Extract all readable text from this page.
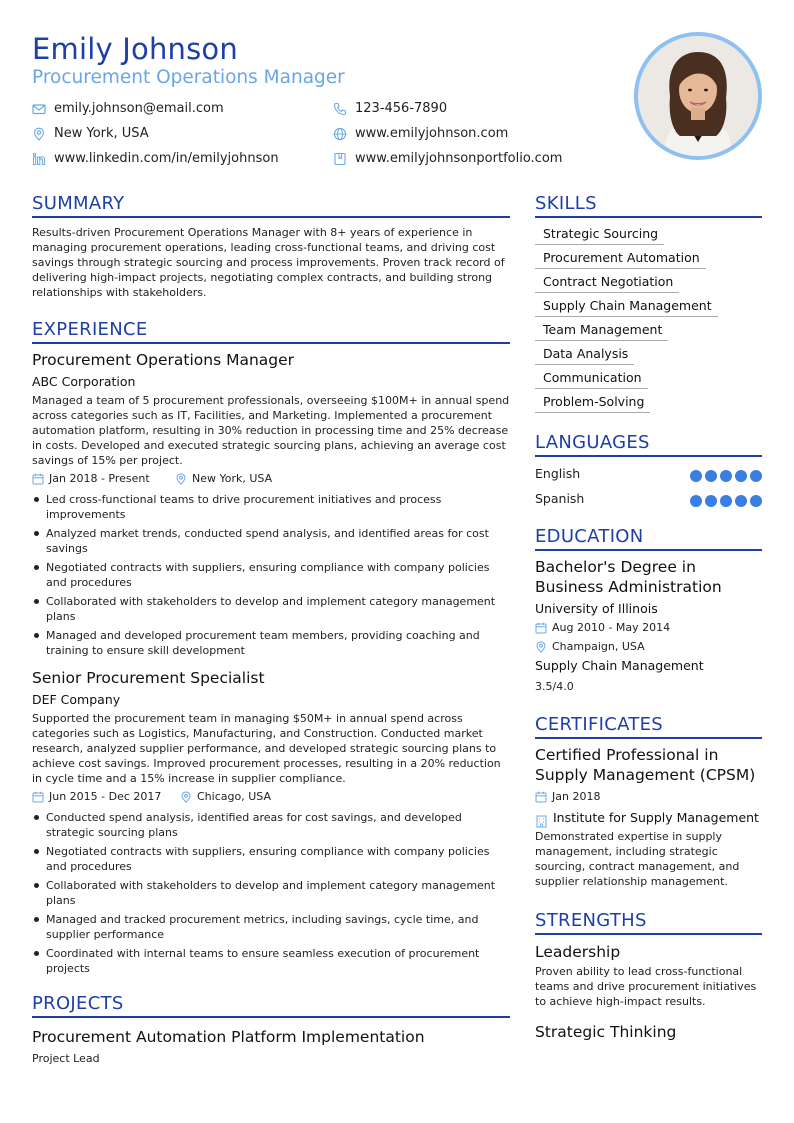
Emily Johnson
Procurement Operations Manager
emily.johnson@email.com	123-456-7890
New York, USA	www.emilyjohnson.com
www.linkedin.com/in/emilyjohnson	www.emilyjohnsonportfolio.com
SUMMARY
Results-driven Procurement Operations Manager with 8+ years of experience in managing procurement operations, leading cross-functional teams, and driving cost savings through strategic sourcing and process improvements. Proven track record of delivering high-impact projects, negotiating complex contracts, and building strong relationships with stakeholders.
EXPERIENCE
Procurement Operations Manager
ABC Corporation
Managed a team of 5 procurement professionals, overseeing $100M+ in annual spend across categories such as IT, Facilities, and Marketing. Implemented a procurement automation platform, resulting in 30% reduction in processing time and 25% decrease in costs. Developed and executed strategic sourcing plans, achieving an average cost savings of 15% per project.
Jan 2018 - Present	New York, USA
Led cross-functional teams to drive procurement initiatives and process improvements
Analyzed market trends, conducted spend analysis, and identified areas for cost savings
Negotiated contracts with suppliers, ensuring compliance with company policies and procedures
Collaborated with stakeholders to develop and implement category management plans
Managed and developed procurement team members, providing coaching and training to ensure skill development
Senior Procurement Specialist
DEF Company
Supported the procurement team in managing $50M+ in annual spend across categories such as Logistics, Manufacturing, and Construction. Conducted market research, analyzed supplier performance, and developed strategic sourcing plans to achieve cost savings. Improved procurement processes, resulting in a 20% reduction in cycle time and a 15% increase in supplier compliance.
Jun 2015 - Dec 2017	Chicago, USA
Conducted spend analysis, identified areas for cost savings, and developed strategic sourcing plans
Negotiated contracts with suppliers, ensuring compliance with company policies and procedures
Collaborated with stakeholders to develop and implement category management plans
Managed and tracked procurement metrics, including savings, cycle time, and supplier performance
Coordinated with internal teams to ensure seamless execution of procurement projects
PROJECTS
Procurement Automation Platform Implementation
Project Lead
SKILLS
Strategic Sourcing
Procurement Automation
Contract Negotiation
Supply Chain Management
Team Management
Data Analysis
Communication
Problem-Solving
LANGUAGES
English
Spanish
EDUCATION
Bachelor's Degree in Business Administration
University of Illinois
Aug 2010 - May 2014
Champaign, USA
Supply Chain Management
3.5/4.0
CERTIFICATES
Certified Professional in Supply Management (CPSM)
Jan 2018
Institute for Supply Management
Demonstrated expertise in supply management, including strategic sourcing, contract management, and supplier relationship management.
STRENGTHS
Leadership
Proven ability to lead cross-functional teams and drive procurement initiatives to achieve high-impact results.
Strategic Thinking
